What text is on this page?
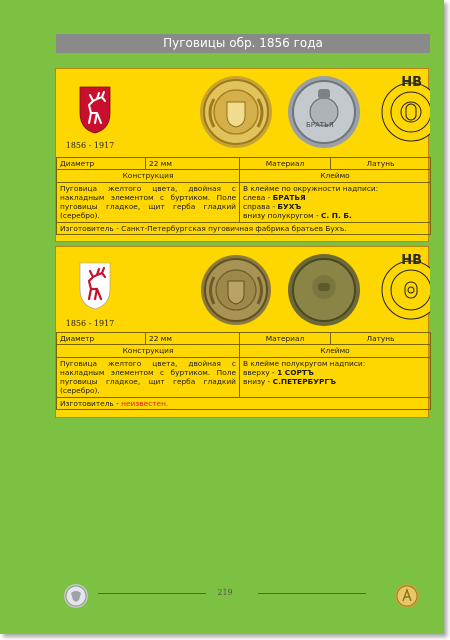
Пуговицы обр. 1856 года
БРАТЬЯ
HB
1856 - 1917
Диаметр	22 мм	Материал	Латунь
Конструкция		Клеймо	
Пуговица желтого цвета, двойная с накладным элементом с буртиком. Поле пуговицы гладкое, щит герба гладкий (серебро).		В клейме по окружности надписи:
слева - БРАТЬЯ
справа - БУХЪ
внизу полукругом - С. П. Б.	

Изготовитель - Санкт-Петербургская пуговичная фабрика братьев Бухъ.			
HB
1856 - 1917
Диаметр	22 мм	Материал	Латунь
Конструкция		Клеймо	
Пуговица желтого цвета, двойная с накладным элементом с буртиком. Поле пуговицы гладкое, щит герба гладкий (серебро).		В клейме полукругом надписи:
вверху - 1 СОРТЪ
внизу - С.ПЕТЕРБУРГЪ	

Изготовитель - неизвестен.			
219
